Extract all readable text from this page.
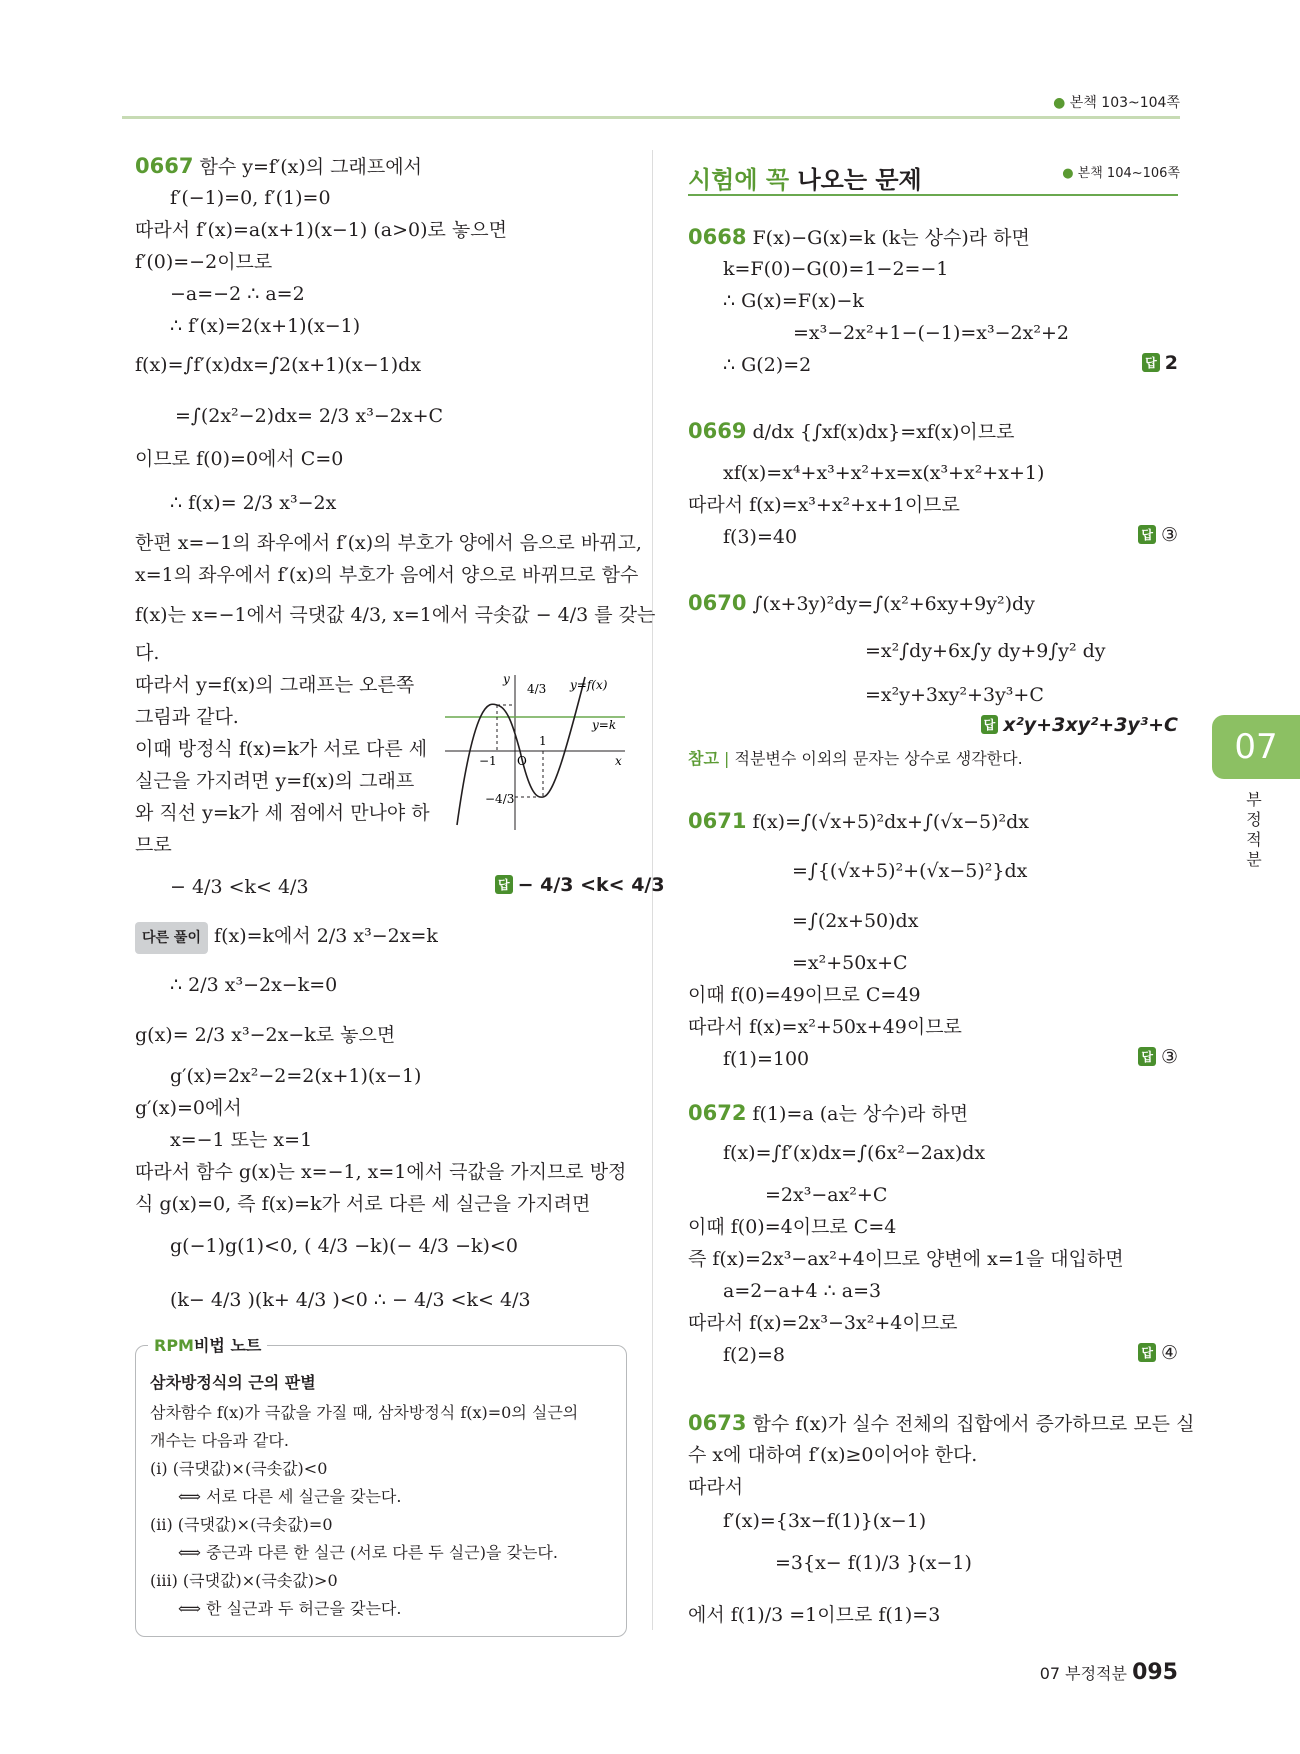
● 본책 103~104쪽
0667 함수 y=f′(x)의 그래프에서
f′(−1)=0, f′(1)=0
따라서 f′(x)=a(x+1)(x−1) (a>0)로 놓으면
f′(0)=−2이므로
−a=−2 ∴ a=2
∴ f′(x)=2(x+1)(x−1)
f(x)=∫f′(x)dx=∫2(x+1)(x−1)dx
=∫(2x²−2)dx= 2/3 x³−2x+C
이므로 f(0)=0에서 C=0
∴ f(x)= 2/3 x³−2x
한편 x=−1의 좌우에서 f′(x)의 부호가 양에서 음으로 바뀌고,
x=1의 좌우에서 f′(x)의 부호가 음에서 양으로 바뀌므로 함수
f(x)는 x=−1에서 극댓값 4/3, x=1에서 극솟값 − 4/3 를 갖는
다.
따라서 y=f(x)의 그래프는 오른쪽
그림과 같다.
이때 방정식 f(x)=k가 서로 다른 세
실근을 가지려면 y=f(x)의 그래프
와 직선 y=k가 세 점에서 만나야 하
므로
− 4/3 <k< 4/3	답 − 4/3 <k< 4/3
다른 풀이 f(x)=k에서 2/3 x³−2x=k
∴ 2/3 x³−2x−k=0
g(x)= 2/3 x³−2x−k로 놓으면
g′(x)=2x²−2=2(x+1)(x−1)
g′(x)=0에서
x=−1 또는 x=1
따라서 함수 g(x)는 x=−1, x=1에서 극값을 가지므로 방정
식 g(x)=0, 즉 f(x)=k가 서로 다른 세 실근을 가지려면
g(−1)g(1)<0, ( 4/3 −k)(− 4/3 −k)<0
(k− 4/3 )(k+ 4/3 )<0 ∴ − 4/3 <k< 4/3
y
x
O
−1
1
4/3
−4/3
y=f(x)
y=k
RPM비법 노트
삼차방정식의 근의 판별
삼차함수 f(x)가 극값을 가질 때, 삼차방정식 f(x)=0의 실근의
개수는 다음과 같다.
(ⅰ) (극댓값)×(극솟값)<0
⟺ 서로 다른 세 실근을 갖는다.
(ⅱ) (극댓값)×(극솟값)=0
⟺ 중근과 다른 한 실근 (서로 다른 두 실근)을 갖는다.
(ⅲ) (극댓값)×(극솟값)>0
⟺ 한 실근과 두 허근을 갖는다.
시험에 꼭 나오는 문제	● 본책 104~106쪽
0668 F(x)−G(x)=k (k는 상수)라 하면
k=F(0)−G(0)=1−2=−1
∴ G(x)=F(x)−k
=x³−2x²+1−(−1)=x³−2x²+2
∴ G(2)=2	답 2
0669 d/dx {∫xf(x)dx}=xf(x)이므로
xf(x)=x⁴+x³+x²+x=x(x³+x²+x+1)
따라서 f(x)=x³+x²+x+1이므로
f(3)=40	답 ③
0670 ∫(x+3y)²dy=∫(x²+6xy+9y²)dy
=x²∫dy+6x∫y dy+9∫y² dy
=x²y+3xy²+3y³+C
답 x²y+3xy²+3y³+C
참고 | 적분변수 이외의 문자는 상수로 생각한다.
0671 f(x)=∫(√x+5)²dx+∫(√x−5)²dx
=∫{(√x+5)²+(√x−5)²}dx
=∫(2x+50)dx
=x²+50x+C
이때 f(0)=49이므로 C=49
따라서 f(x)=x²+50x+49이므로
f(1)=100	답 ③
0672 f(1)=a (a는 상수)라 하면
f(x)=∫f′(x)dx=∫(6x²−2ax)dx
=2x³−ax²+C
이때 f(0)=4이므로 C=4
즉 f(x)=2x³−ax²+4이므로 양변에 x=1을 대입하면
a=2−a+4 ∴ a=3
따라서 f(x)=2x³−3x²+4이므로
f(2)=8	답 ④
0673 함수 f(x)가 실수 전체의 집합에서 증가하므로 모든 실
수 x에 대하여 f′(x)≥0이어야 한다.
따라서
f′(x)={3x−f(1)}(x−1)
=3{x− f(1)/3 }(x−1)
에서 f(1)/3 =1이므로 f(1)=3
07
부정적분
07 부정적분 095
